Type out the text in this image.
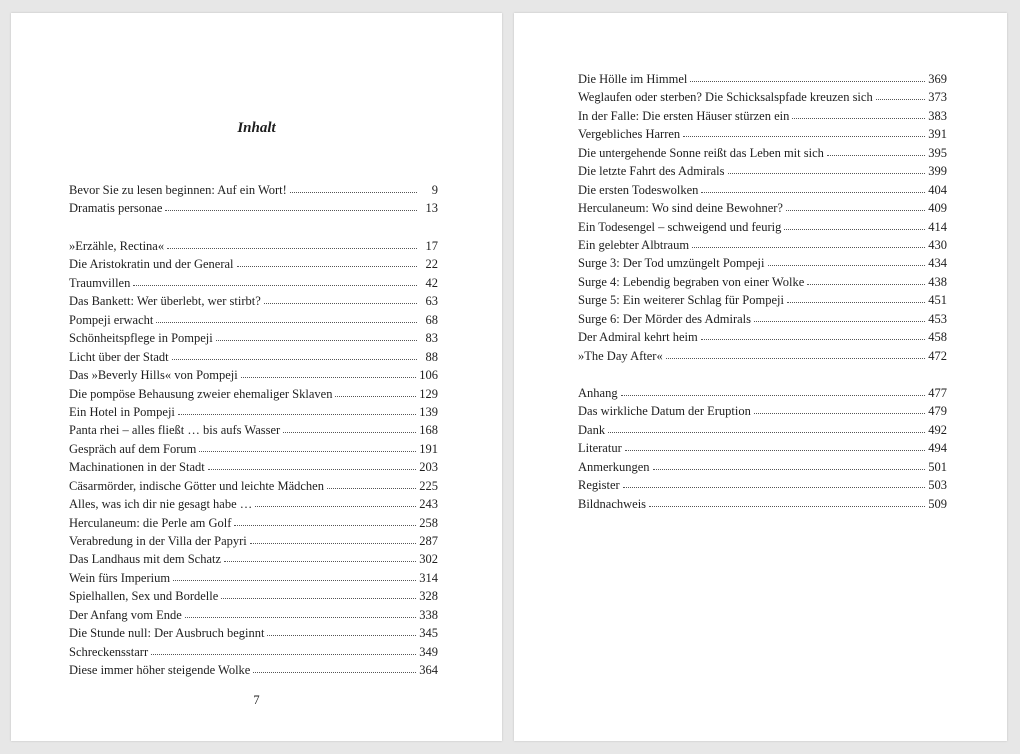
Inhalt
Bevor Sie zu lesen beginnen: Auf ein Wort!	9
Dramatis personae	13
»Erzähle, Rectina«	17
Die Aristokratin und der General	22
Traumvillen	42
Das Bankett: Wer überlebt, wer stirbt?	63
Pompeji erwacht	68
Schönheitspflege in Pompeji	83
Licht über der Stadt	88
Das »Beverly Hills« von Pompeji	106
Die pompöse Behausung zweier ehemaliger Sklaven	129
Ein Hotel in Pompeji	139
Panta rhei – alles fließt … bis aufs Wasser	168
Gespräch auf dem Forum	191
Machinationen in der Stadt	203
Cäsarmörder, indische Götter und leichte Mädchen	225
Alles, was ich dir nie gesagt habe …	243
Herculaneum: die Perle am Golf	258
Verabredung in der Villa der Papyri	287
Das Landhaus mit dem Schatz	302
Wein fürs Imperium	314
Spielhallen, Sex und Bordelle	328
Der Anfang vom Ende	338
Die Stunde null: Der Ausbruch beginnt	345
Schreckensstarr	349
Diese immer höher steigende Wolke	364
7
Die Hölle im Himmel	369
Weglaufen oder sterben? Die Schicksalspfade kreuzen sich	373
In der Falle: Die ersten Häuser stürzen ein	383
Vergebliches Harren	391
Die untergehende Sonne reißt das Leben mit sich	395
Die letzte Fahrt des Admirals	399
Die ersten Todeswolken	404
Herculaneum: Wo sind deine Bewohner?	409
Ein Todesengel – schweigend und feurig	414
Ein gelebter Albtraum	430
Surge 3: Der Tod umzüngelt Pompeji	434
Surge 4: Lebendig begraben von einer Wolke	438
Surge 5: Ein weiterer Schlag für Pompeji	451
Surge 6: Der Mörder des Admirals	453
Der Admiral kehrt heim	458
»The Day After«	472
Anhang	477
Das wirkliche Datum der Eruption	479
Dank	492
Literatur	494
Anmerkungen	501
Register	503
Bildnachweis	509
